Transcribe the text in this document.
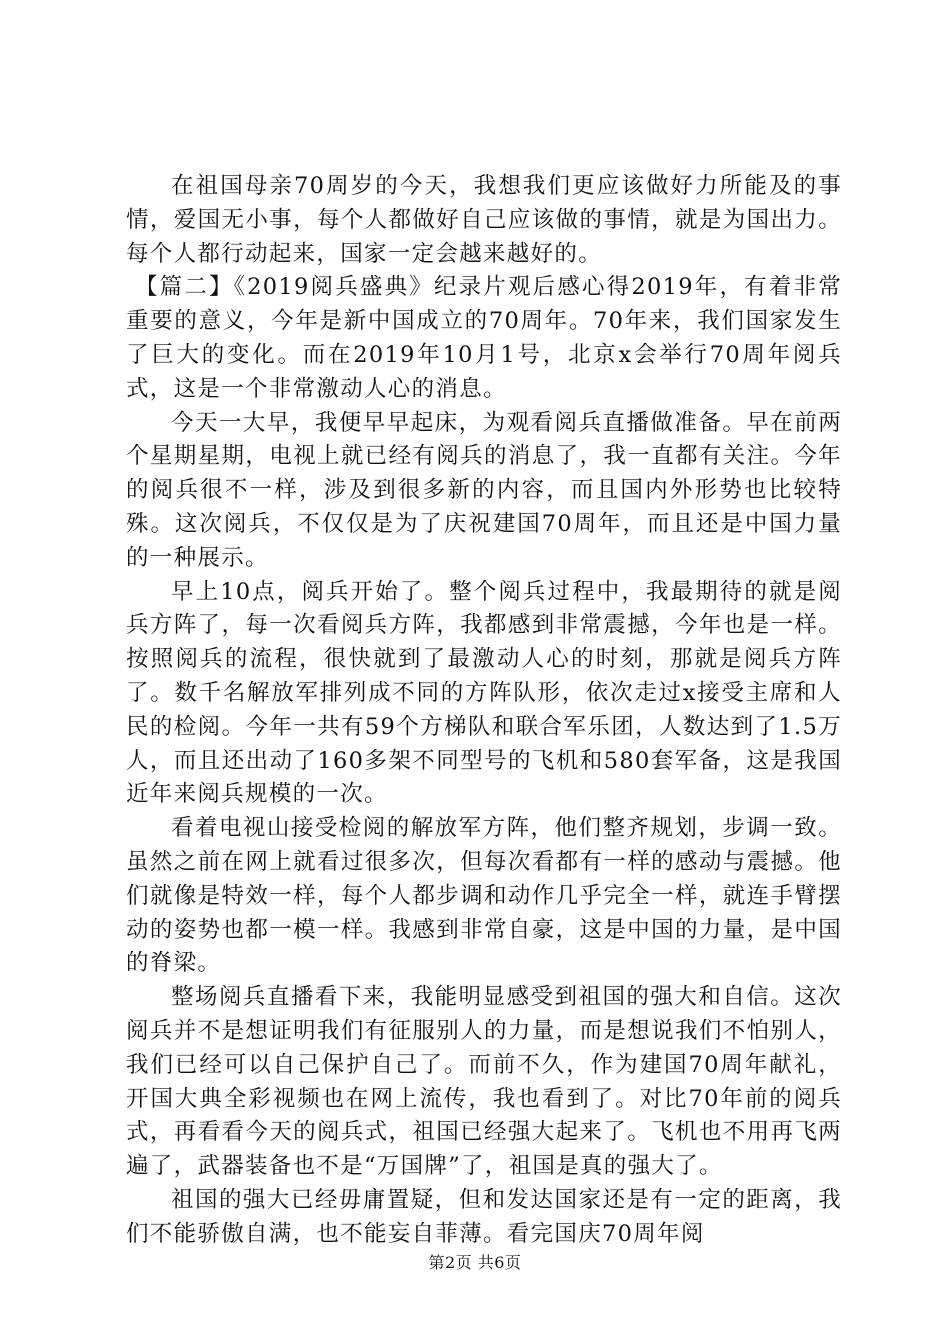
在祖国母亲70周岁的今天，我想我们更应该做好力所能及的事情，爱国无小事，每个人都做好自己应该做的事情，就是为国出力。每个人都行动起来，国家一定会越来越好的。

【篇二】《2019阅兵盛典》纪录片观后感心得2019年，有着非常重要的意义，今年是新中国成立的70周年。70年来，我们国家发生了巨大的变化。而在2019年10月1号，北京x会举行70周年阅兵式，这是一个非常激动人心的消息。

今天一大早，我便早早起床，为观看阅兵直播做准备。早在前两个星期星期，电视上就已经有阅兵的消息了，我一直都有关注。今年的阅兵很不一样，涉及到很多新的内容，而且国内外形势也比较特殊。这次阅兵，不仅仅是为了庆祝建国70周年，而且还是中国力量的一种展示。

早上10点，阅兵开始了。整个阅兵过程中，我最期待的就是阅兵方阵了，每一次看阅兵方阵，我都感到非常震撼，今年也是一样。按照阅兵的流程，很快就到了最激动人心的时刻，那就是阅兵方阵了。数千名解放军排列成不同的方阵队形，依次走过x接受主席和人民的检阅。今年一共有59个方梯队和联合军乐团，人数达到了1.5万人，而且还出动了160多架不同型号的飞机和580套军备，这是我国近年来阅兵规模的一次。

看着电视山接受检阅的解放军方阵，他们整齐规划，步调一致。虽然之前在网上就看过很多次，但每次看都有一样的感动与震撼。他们就像是特效一样，每个人都步调和动作几乎完全一样，就连手臂摆动的姿势也都一模一样。我感到非常自豪，这是中国的力量，是中国的脊梁。

整场阅兵直播看下来，我能明显感受到祖国的强大和自信。这次阅兵并不是想证明我们有征服别人的力量，而是想说我们不怕别人，我们已经可以自己保护自己了。而前不久，作为建国70周年献礼，开国大典全彩视频也在网上流传，我也看到了。对比70年前的阅兵式，再看看今天的阅兵式，祖国已经强大起来了。飞机也不用再飞两遍了，武器装备也不是“万国牌”了，祖国是真的强大了。

祖国的强大已经毋庸置疑，但和发达国家还是有一定的距离，我们不能骄傲自满，也不能妄自菲薄。看完国庆70周年阅

第2页 共6页
